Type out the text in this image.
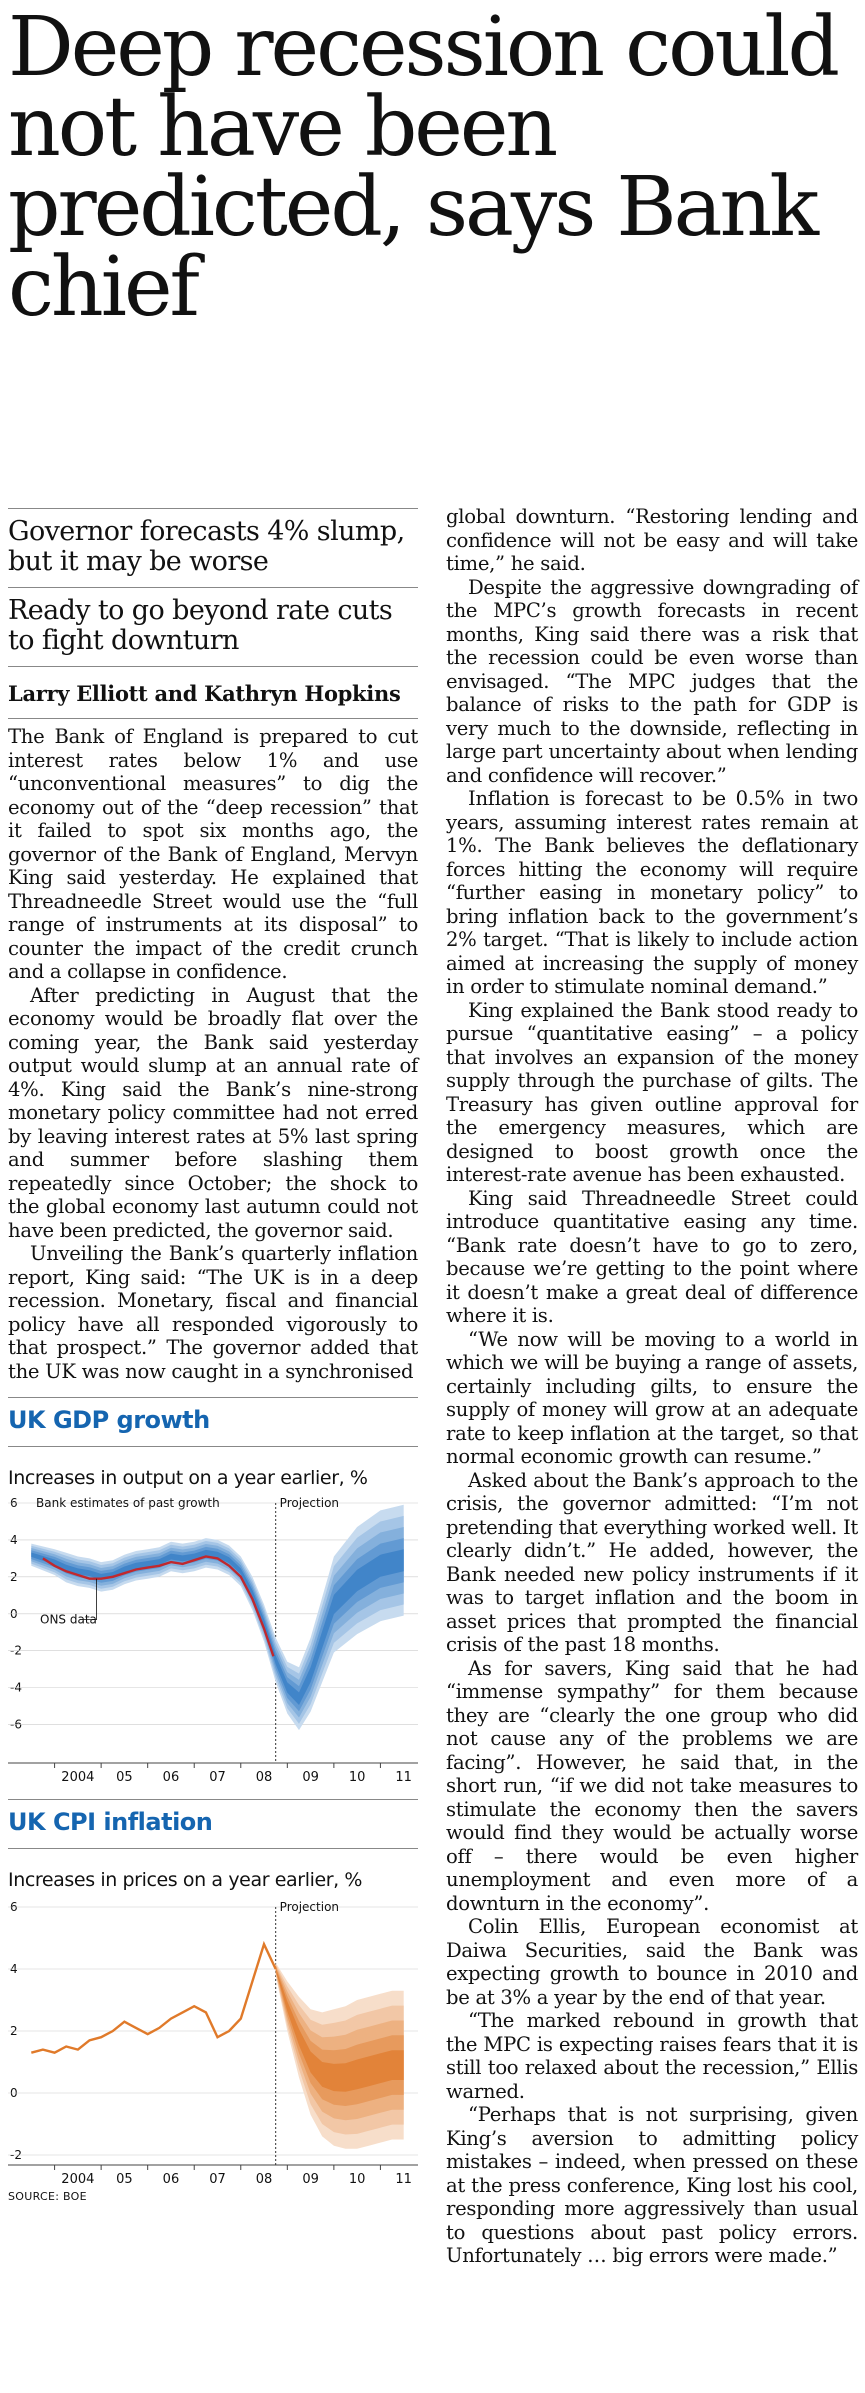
Deep recession could not have been predicted, says Bank chief
Governor forecasts 4% slump, but it may be worse
Ready to go beyond rate cuts to fight downturn
Larry Elliott and Kathryn Hopkins

The Bank of England is prepared to cut interest rates below 1% and use “unconventional measures” to dig the economy out of the “deep recession” that it failed to spot six months ago, the governor of the Bank of England, Mervyn King said yesterday. He explained that Threadneedle Street would use the “full range of instruments at its disposal” to counter the impact of the credit crunch and a collapse in confidence.

After predicting in August that the economy would be broadly flat over the coming year, the Bank said yesterday output would slump at an annual rate of 4%. King said the Bank’s nine-strong monetary policy committee had not erred by leaving interest rates at 5% last spring and summer before slashing them repeatedly since October; the shock to the global economy last autumn could not have been predicted, the governor said.

Unveiling the Bank’s quarterly inflation report, King said: “The UK is in a deep recession. Monetary, fiscal and financial policy have all responded vigorously to that prospect.” The governor added that the UK was now caught in a synchronised

UK GDP growth
Increases in output on a year earlier, %
6
4
2
0
-2
-4
-6
2004 05 06 07 08 09 10 11
Bank estimates of past growth	Projection
ONS data
UK CPI inflation
Increases in prices on a year earlier, %
6
4
2
0
-2
2004 05 06 07 08 09 10 11
Projection
SOURCE: BOE

global downturn. “Restoring lending and confidence will not be easy and will take time,” he said.

Despite the aggressive downgrading of the MPC’s growth forecasts in recent months, King said there was a risk that the recession could be even worse than envisaged. “The MPC judges that the balance of risks to the path for GDP is very much to the downside, reflecting in large part uncertainty about when lending and confidence will recover.”

Inflation is forecast to be 0.5% in two years, assuming interest rates remain at 1%. The Bank believes the deflationary forces hitting the economy will require “further easing in monetary policy” to bring inflation back to the government’s 2% target. “That is likely to include action aimed at increasing the supply of money in order to stimulate nominal demand.”

King explained the Bank stood ready to pursue “quantitative easing” – a policy that involves an expansion of the money supply through the purchase of gilts. The Treasury has given outline approval for the emergency measures, which are designed to boost growth once the interest-rate avenue has been exhausted.

King said Threadneedle Street could introduce quantitative easing any time. “Bank rate doesn’t have to go to zero, because we’re getting to the point where it doesn’t make a great deal of difference where it is.

“We now will be moving to a world in which we will be buying a range of assets, certainly including gilts, to ensure the supply of money will grow at an adequate rate to keep inflation at the target, so that normal economic growth can resume.”

Asked about the Bank’s approach to the crisis, the governor admitted: “I’m not pretending that everything worked well. It clearly didn’t.” He added, however, the Bank needed new policy instruments if it was to target inflation and the boom in asset prices that prompted the financial crisis of the past 18 months.

As for savers, King said that he had “immense sympathy” for them because they are “clearly the one group who did not cause any of the problems we are facing”. However, he said that, in the short run, “if we did not take measures to stimulate the economy then the savers would find they would be actually worse off – there would be even higher unemployment and even more of a downturn in the economy”.

Colin Ellis, European economist at Daiwa Securities, said the Bank was expecting growth to bounce in 2010 and be at 3% a year by the end of that year.

“The marked rebound in growth that the MPC is expecting raises fears that it is still too relaxed about the recession,” Ellis warned.

“Perhaps that is not surprising, given King’s aversion to admitting policy mistakes – indeed, when pressed on these at the press conference, King lost his cool, responding more aggressively than usual to questions about past policy errors. Unfortunately … big errors were made.”
